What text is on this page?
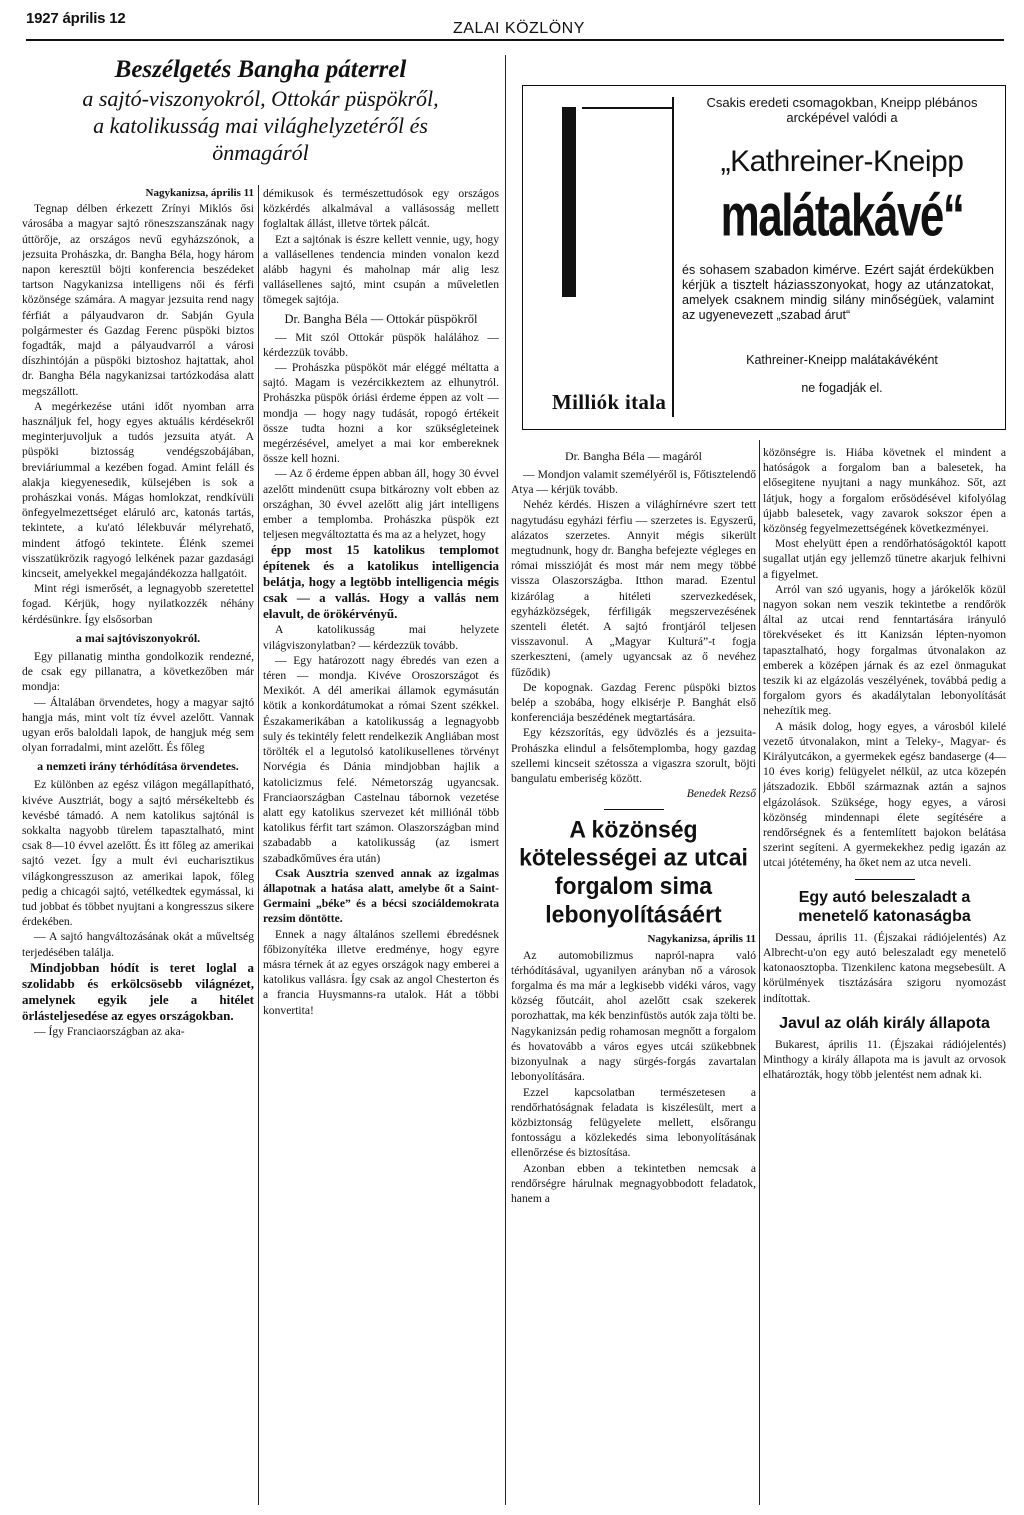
1927 április 12
ZALAI KÖZLÖNY

Beszélgetés Bangha páterrel

a sajtó-viszonyokról, Ottokár püspökről,

a katolikusság mai világhelyzetéről és

önmagáról

Nagykanizsa, április 11

Tegnap délben érkezett Zrínyi Miklós ősi városába a magyar sajtó röneszszanszának nagy úttörője, az országos nevű egyházszónok, a jezsuita Prohászka, dr. Bangha Béla, hogy három napon keresztül böjti konferencia beszédeket tartson Nagykanizsa intelligens női és férfi közönsége számára. A magyar jezsuita rend nagy férfiát a pályaudvaron dr. Sabján Gyula polgármester és Gazdag Ferenc püspöki biztos fogadták, majd a pályaudvarról a városi díszhintóján a püspöki biztoshoz hajtattak, ahol dr. Bangha Béla nagykanizsai tartózkodása alatt megszállott.

A megérkezése utáni időt nyomban arra használjuk fel, hogy egyes aktuális kérdésekről meginterjuvoljuk a tudós jezsuita atyát. A püspöki biztosság vendégszobájában, breviáriummal a kezében fogad. Amint feláll és alakja kiegyenesedik, külsejében is sok a prohászkai vonás. Mágas homlokzat, rendkívüli önfegyelmezettséget eláruló arc, katonás tartás, tekintete, a ku'ató lélekbuvár mélyrehatő, mindent átfogó tekintete. Élénk szemei visszatükrözik ragyogó lelkének pazar gazdasági kincseit, amelyekkel megajándékozza hallgatóit.

Mint régi ismerősét, a legnagyobb szeretettel fogad. Kérjük, hogy nyilatkozzék néhány kérdésünkre. Így elsősorban

a mai sajtóviszonyokról.

Egy pillanatig mintha gondolkozik rendezné, de csak egy pillanatra, a következőben már mondja:

— Általában örvendetes, hogy a magyar sajtó hangja más, mint volt tíz évvel azelőtt. Vannak ugyan erős baloldali lapok, de hangjuk még sem olyan forradalmi, mint azelőtt. És főleg

a nemzeti irány térhódítása örvendetes.

Ez különben az egész világon megállapítható, kivéve Ausztriát, bogy a sajtó mérsékeltebb és kevésbé támadó. A nem katolikus sajtónál is sokkalta nagyobb türelem tapasztalható, mint csak 8—10 évvel azelőtt. És itt főleg az amerikai sajtó vezet. Így a mult évi eucharisztikus világkongresszuson az amerikai lapok, főleg pedig a chicagói sajtó, vetélkedtek egymással, ki tud jobbat és többet nyujtani a kongresszus sikere érdekében.

— A sajtó hangváltozásának okát a műveltség terjedésében találja.

Mindjobban hódít is teret loglal a szolidabb és erkölcsösebb világnézet, amelynek egyik jele a hitélet örlásteljesedése az egyes országokban.

— Így Franciaországban az aka-

démikusok és természettudósok egy országos közkérdés alkalmával a vallásosság mellett foglaltak állást, illetve törtek pálcát.

Ezt a sajtónak is észre kellett vennie, ugy, hogy a vallásellenes tendencia minden vonalon kezd alább hagyni és maholnap már alig lesz vallásellenes sajtó, mint csupán a műveletlen tömegek sajtója.

Dr. Bangha Béla — Ottokár püspökről

— Mit szól Ottokár püspök halálához — kérdezzük tovább.

— Prohászka püspököt már eléggé méltatta a sajtó. Magam is vezércikkeztem az elhunytról. Prohászka püspök óriási érdeme éppen az volt — mondja — hogy nagy tudását, ropogó értékeit össze tudta hozni a kor szükségleteinek megérzésével, amelyet a mai kor embereknek össze kell hozni.

— Az ő érdeme éppen abban áll, hogy 30 évvel azelőtt mindenütt csupa bitkározny volt ebben az országhan, 30 évvel azelőtt alig járt intelligens ember a templomba. Prohászka püspök ezt teljesen megváltoztatta és ma az a helyzet, hogy

épp most 15 katolikus templomot építenek és a katolikus intelligencia belátja, hogy a legtöbb intelligencia mégis csak — a vallás. Hogy a vallás nem elavult, de örökérvényű.

A katolikusság mai helyzete világviszonylatban? — kérdezzük tovább.

— Egy határozott nagy ébredés van ezen a téren — mondja. Kivéve Oroszországot és Mexikót. A dél amerikai államok egymásután kötik a konkordátumokat a római Szent székkel. Északamerikában a katolikusság a legnagyobb suly és tekintély felett rendelkezik Angliában most törölték el a legutolsó katolikusellenes törvényt Norvégia és Dánia mindjobban hajlik a katolicizmus felé. Németország ugyancsak. Franciaországban Castelnau tábornok vezetése alatt egy katolikus szervezet két milliónál több katolikus férfit tart számon. Olaszországban mind szabadabb a katolikusság (az ismert szabadkőműves éra után)

Csak Ausztria szenved annak az izgalmas állapotnak a hatása alatt, amelybe őt a Saint-Germaini „béke” és a bécsi szociáldemokrata rezsim döntötte.

Ennek a nagy általános szellemi ébredésnek főbizonyítéka illetve eredménye, hogy egyre másra térnek át az egyes országok nagy emberei a katolikus vallásra. Így csak az angol Chesterton és a francia Huysmanns-ra utalok. Hát a többi konvertita!

Csakis eredeti csomagokban, Kneipp plébános arcképével valódi a
„Kathreiner-Kneipp
malátakávé“
és sohasem szabadon kimérve. Ezért saját érdekükben kérjük a tisztelt háziasszonyokat, hogy az utánzatokat, amelyek csaknem mindig silány minőségüek, valamint az ugyenevezett „szabad árut“
Kathreiner-Kneipp malátakávéként
ne fogadják el.
Milliók itala

Dr. Bangha Béla — magáról

— Mondjon valamit személyéről is, Főtisztelendő Atya — kérjük tovább.

Nehéz kérdés. Hiszen a világhírnévre szert tett nagytudásu egyházi férfiu — szerzetes is. Egyszerű, alázatos szerzetes. Annyit mégis sikerült megtudnunk, hogy dr. Bangha befejezte végleges en római misszióját és most már nem megy többé vissza Olaszországba. Itthon marad. Ezentul kizárólag a hitéleti szervezkedések, egyházközségek, férfiligák megszervezésének szenteli életét. A sajtó frontjáról teljesen visszavonul. A „Magyar Kulturá”-t fogja szerkeszteni, (amely ugyancsak az ő nevéhez fűződik)

De kopognak. Gazdag Ferenc püspöki biztos belép a szobába, hogy elkisérje P. Banghát első konferenciája beszédének megtartására.

Egy kézszorítás, egy üdvözlés és a jezsuita-Prohászka elindul a felsőtemplomba, hogy gazdag szellemi kincseit szétossza a vigaszra szorult, böjti bangulatu emberiség között.

Benedek Rezső

A közönség kötelességei az utcai forgalom sima lebonyolításáért

Nagykanizsa, április 11

Az automobilizmus napról-napra való térhódításával, ugyanilyen arányban nő a városok forgalma és ma már a legkisebb vidéki város, vagy község főutcáit, ahol azelőtt csak szekerek porozhattak, ma kék benzinfüstös autók zaja tölti be. Nagykanizsán pedig rohamosan megnőtt a forgalom és hovatovább a város egyes utcái szükebbnek bizonyulnak a nagy sürgés-forgás zavartalan lebonyolítására.

Ezzel kapcsolatban természetesen a rendőrhatóságnak feladata is kiszélesült, mert a közbiztonság felügyelete mellett, elsőrangu fontosságu a közlekedés sima lebonyolításának ellenőrzése és biztosítása.

Azonban ebben a tekintetben nemcsak a rendőrségre hárulnak megnagyobbodott feladatok, hanem a

közönségre is. Hiába követnek el mindent a hatóságok a forgalom ban a balesetek, ha elősegitene nyujtani a nagy munkához. Sőt, azt látjuk, hogy a forgalom erősödésével kifolyólag újabb balesetek, vagy zavarok sokszor épen a közönség fegyelmezettségének következményei.

Most ehelyütt épen a rendőrhatóságoktól kapott sugallat utján egy jellemző tünetre akarjuk felhivni a figyelmet.

Arról van szó ugyanis, hogy a járókelők közül nagyon sokan nem veszik tekintetbe a rendőrök által az utcai rend fenntartására irányuló törekvéseket és itt Kanizsán lépten-nyomon tapasztalható, hogy forgalmas útvonalakon az emberek a középen járnak és az ezel önmagukat teszik ki az elgázolás veszélyének, továbbá pedig a forgalom gyors és akadálytalan lebonyolítását nehezítik meg.

A másik dolog, hogy egyes, a városból kilelé vezető útvonalakon, mint a Teleky-, Magyar- és Királyutcákon, a gyermekek egész bandaserge (4—10 éves korig) felügyelet nélkül, az utca közepén játszadozik. Ebből származnak aztán a sajnos elgázolások. Szüksége, hogy egyes, a városi közönség mindennapi élete segítésére a rendőrségnek és a fentemlített bajokon belátása szerint segíteni. A gyermekekhez pedig igazán az utcai jótétemény, ha őket nem az utca neveli.

Egy autó beleszaladt a menetelő katonaságba

Dessau, április 11. (Éjszakai rádiójelentés) Az Albrecht-u'on egy autó beleszaladt egy menetelő katonaosztopba. Tizenkilenc katona megsebesült. A körülmények tisztázására szigoru nyomozást indítottak.

Javul az oláh király állapota

Bukarest, április 11. (Éjszakai rádiójelentés) Minthogy a király állapota ma is javult az orvosok elhatározták, hogy több jelentést nem adnak ki.
